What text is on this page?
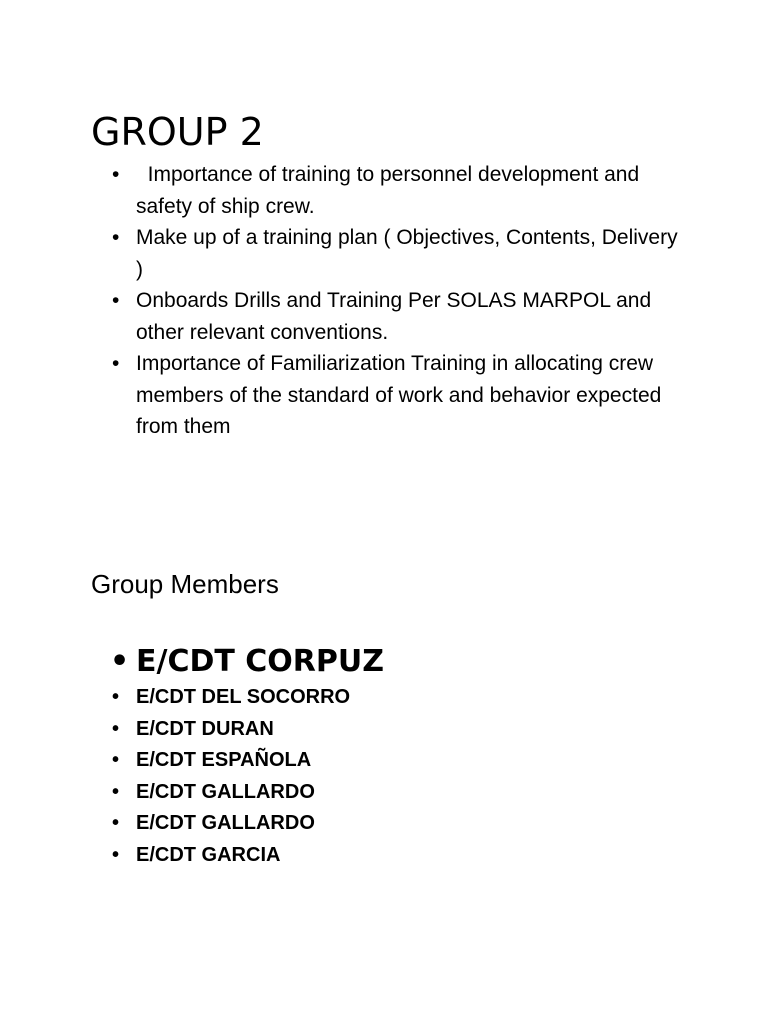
GROUP 2
• Importance of training to personnel development and safety of ship crew.
• Make up of a training plan ( Objectives, Contents, Delivery )
• Onboards Drills and Training Per SOLAS MARPOL and other relevant conventions.
• Importance of Familiarization Training in allocating crew members of the standard of work and behavior expected from them
Group Members
• E/CDT CORPUZ
• E/CDT DEL SOCORRO
• E/CDT DURAN
• E/CDT ESPAÑOLA
• E/CDT GALLARDO
• E/CDT GALLARDO
• E/CDT GARCIA
